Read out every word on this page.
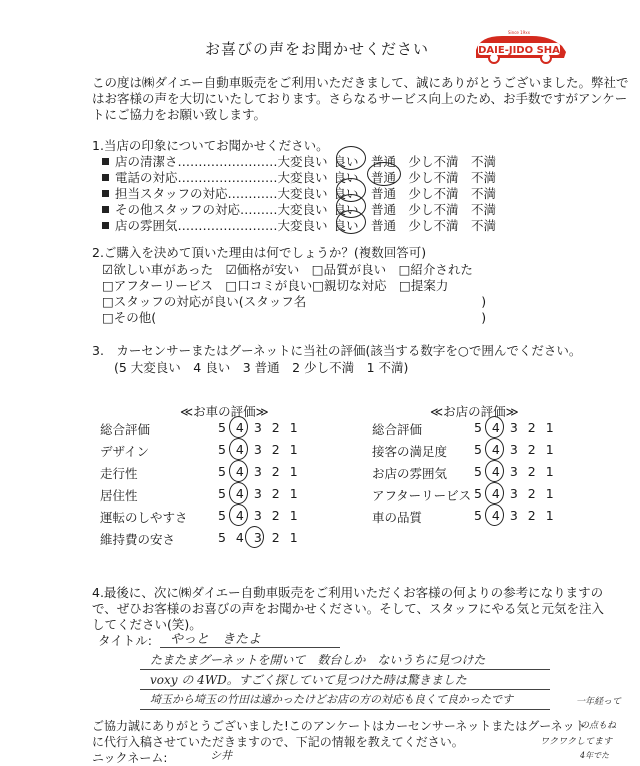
お喜びの声をお聞かせください	DAIE-JIDO SHA
Since 19xx
この度は㈱ダイエー自動車販売をご利用いただきまして、誠にありがとうございました。弊社で
はお客様の声を大切にいたしております。さらなるサービス向上のため、お手数ですがアンケー
トにご協力をお願い致します。
1.当店の印象についてお聞かせください。
店の清潔さ……………………大変良い 良い　普通　少し不満　不満
電話の対応……………………大変良い 良い　普通　少し不満　不満
担当スタッフの対応…………大変良い 良い　普通　少し不満　不満
その他スタッフの対応………大変良い 良い　普通　少し不満　不満
店の雰囲気……………………大変良い 良い　普通　少し不満　不満
2.ご購入を決めて頂いた理由は何でしょうか？(複数回答可)
☑欲しい車があった　☑価格が安い　□品質が良い　□紹介された
□アフターリービス　□口コミが良い□親切な対応　□提案力
□スタッフの対応が良い(スタッフ名　　　　　　　　　　　　　　)
□その他(　　　　　　　　　　　　　　　　　　　　　　　　　　)
3.　カーセンサーまたはグーネットに当社の評価(該当する数字を○で囲んでください。
(5 大変良い　4 良い　3 普通　2 少し不満　1 不満)
≪お車の評価≫	≪お店の評価≫
総合評価	5 4 3 2 1
デザイン	5 4 3 2 1
走行性	5 4 3 2 1
居住性	5 4 3 2 1
運転のしやすさ 5 4 3 2 1
維持費の安さ	5 4 3 2 1
総合評価	5 4 3 2 1
接客の満足度 5 4 3 2 1
お店の雰囲気 5 4 3 2 1
アフターリービス 5 4 3 2 1
車の品質	5 4 3 2 1
4.最後に、次に㈱ダイエー自動車販売をご利用いただくお客様の何よりの参考になりますの
で、ぜひお客様のお喜びの声をお聞かせください。そして、スタッフにやる気と元気を注入
してください(笑)。
タイトル: やっと　きたよ
たまたまグーネットを開いて　数台しか　ないうちに見つけた
voxy の 4WD。すごく探していて見つけた時は驚きました
埼玉から埼玉の竹田は遠かったけどお店の方の対応も良くて良かったです	一年経って
の点もね
ワクワクしてます
4年でた
ご協力誠にありがとうございました!このアンケートはカーセンサーネットまたはグーネット
に代行入稿させていただきますので、下記の情報を教えてください。
ニックネーム:	シ井
